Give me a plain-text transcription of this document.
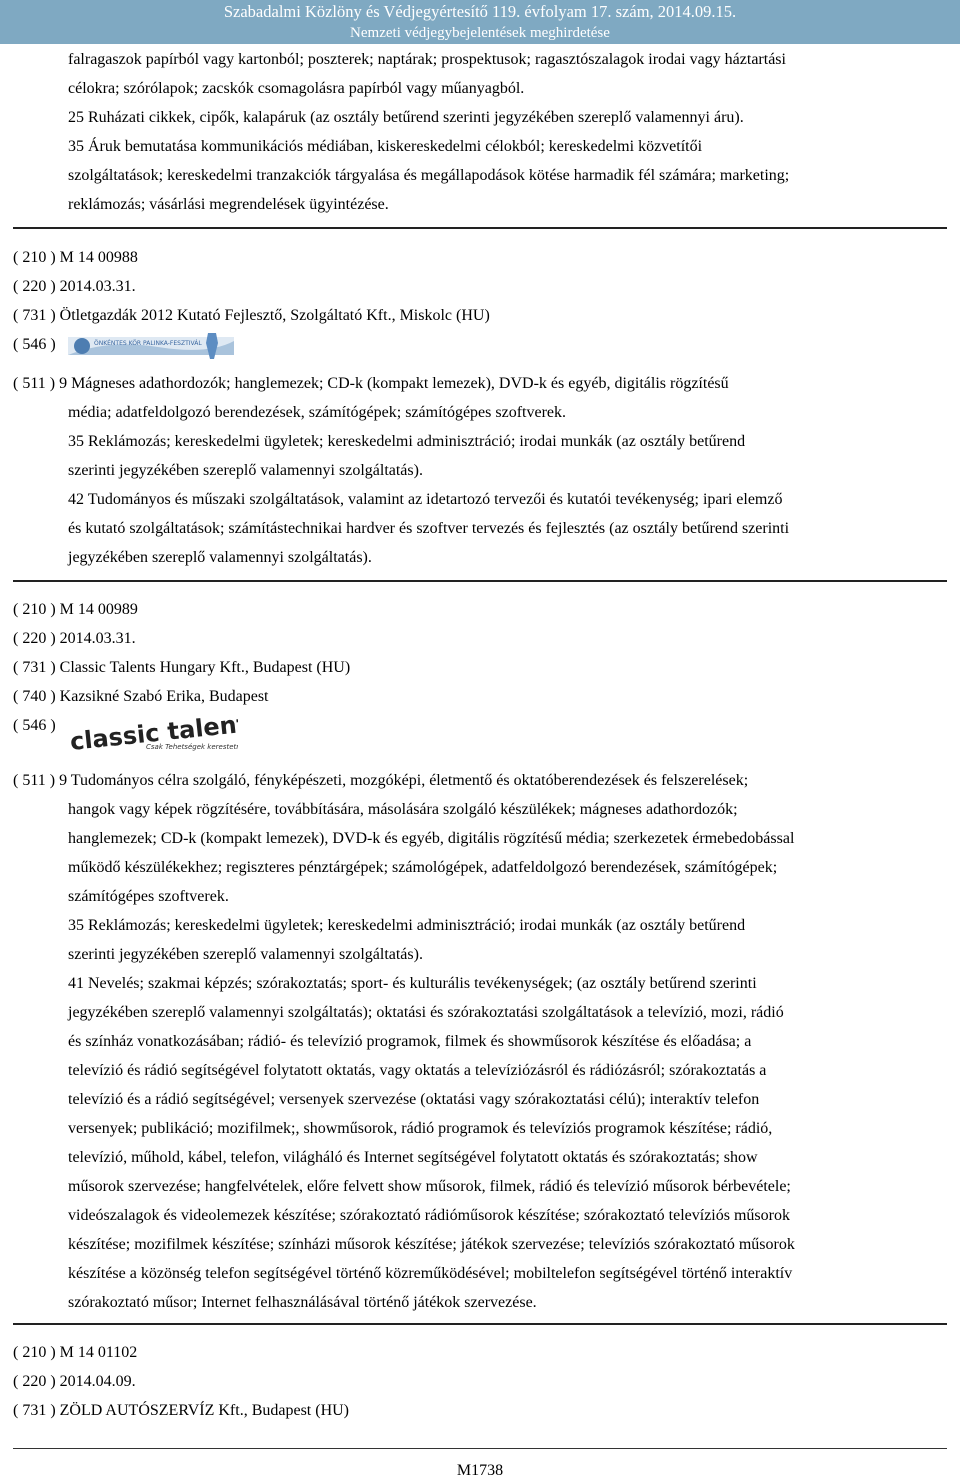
Szabadalmi Közlöny és Védjegyértesítő 119. évfolyam 17. szám, 2014.09.15.
Nemzeti védjegybejelentések meghirdetése
falragaszok papírból vagy kartonból; poszterek; naptárak; prospektusok; ragasztószalagok irodai vagy háztartási
célokra; szórólapok; zacskók csomagolásra papírból vagy műanyagból.
25 Ruházati cikkek, cipők, kalapáruk (az osztály betűrend szerinti jegyzékében szereplő valamennyi áru).
35 Áruk bemutatása kommunikációs médiában, kiskereskedelmi célokból; kereskedelmi közvetítői
szolgáltatások; kereskedelmi tranzakciók tárgyalása és megállapodások kötése harmadik fél számára; marketing;
reklámozás; vásárlási megrendelések ügyintézése.
( 210 ) M 14 00988
( 220 ) 2014.03.31.
( 731 ) Ötletgazdák 2012 Kutató Fejlesztő, Szolgáltató Kft., Miskolc (HU)
( 546 )	ÖNKÉNTES KÖR PALINKA-FESZTIVÁL
( 511 ) 9 Mágneses adathordozók; hanglemezek; CD-k (kompakt lemezek), DVD-k és egyéb, digitális rögzítésű
média; adatfeldolgozó berendezések, számítógépek; számítógépes szoftverek.
35 Reklámozás; kereskedelmi ügyletek; kereskedelmi adminisztráció; irodai munkák (az osztály betűrend
szerinti jegyzékében szereplő valamennyi szolgáltatás).
42 Tudományos és műszaki szolgáltatások, valamint az idetartozó tervezői és kutatói tevékenység; ipari elemző
és kutató szolgáltatások; számítástechnikai hardver és szoftver tervezés és fejlesztés (az osztály betűrend szerinti
jegyzékében szereplő valamennyi szolgáltatás).
( 210 ) M 14 00989
( 220 ) 2014.03.31.
( 731 ) Classic Talents Hungary Kft., Budapest (HU)
( 740 ) Kazsikné Szabó Erika, Budapest
( 546 ) classic talents
Csak Tehetségek kerestet
( 511 ) 9 Tudományos célra szolgáló, fényképészeti, mozgóképi, életmentő és oktatóberendezések és felszerelések;
hangok vagy képek rögzítésére, továbbítására, másolására szolgáló készülékek; mágneses adathordozók;
hanglemezek; CD-k (kompakt lemezek), DVD-k és egyéb, digitális rögzítésű média; szerkezetek érmebedobással
működő készülékekhez; regiszteres pénztárgépek; számológépek, adatfeldolgozó berendezések, számítógépek;
számítógépes szoftverek.
35 Reklámozás; kereskedelmi ügyletek; kereskedelmi adminisztráció; irodai munkák (az osztály betűrend
szerinti jegyzékében szereplő valamennyi szolgáltatás).
41 Nevelés; szakmai képzés; szórakoztatás; sport- és kulturális tevékenységek; (az osztály betűrend szerinti
jegyzékében szereplő valamennyi szolgáltatás); oktatási és szórakoztatási szolgáltatások a televízió, mozi, rádió
és színház vonatkozásában; rádió- és televízió programok, filmek és showműsorok készítése és előadása; a
televízió és rádió segítségével folytatott oktatás, vagy oktatás a televíziózásról és rádiózásról; szórakoztatás a
televízió és a rádió segítségével; versenyek szervezése (oktatási vagy szórakoztatási célú); interaktív telefon
versenyek; publikáció; mozifilmek;, showműsorok, rádió programok és televíziós programok készítése; rádió,
televízió, műhold, kábel, telefon, világháló és Internet segítségével folytatott oktatás és szórakoztatás; show
műsorok szervezése; hangfelvételek, előre felvett show műsorok, filmek, rádió és televízió műsorok bérbevétele;
videószalagok és videolemezek készítése; szórakoztató rádióműsorok készítése; szórakoztató televíziós műsorok
készítése; mozifilmek készítése; színházi műsorok készítése; játékok szervezése; televíziós szórakoztató műsorok
készítése a közönség telefon segítségével történő közreműködésével; mobiltelefon segítségével történő interaktív
szórakoztató műsor; Internet felhasználásával történő játékok szervezése.
( 210 ) M 14 01102
( 220 ) 2014.04.09.
( 731 ) ZÖLD AUTÓSZERVÍZ Kft., Budapest (HU)
M1738
